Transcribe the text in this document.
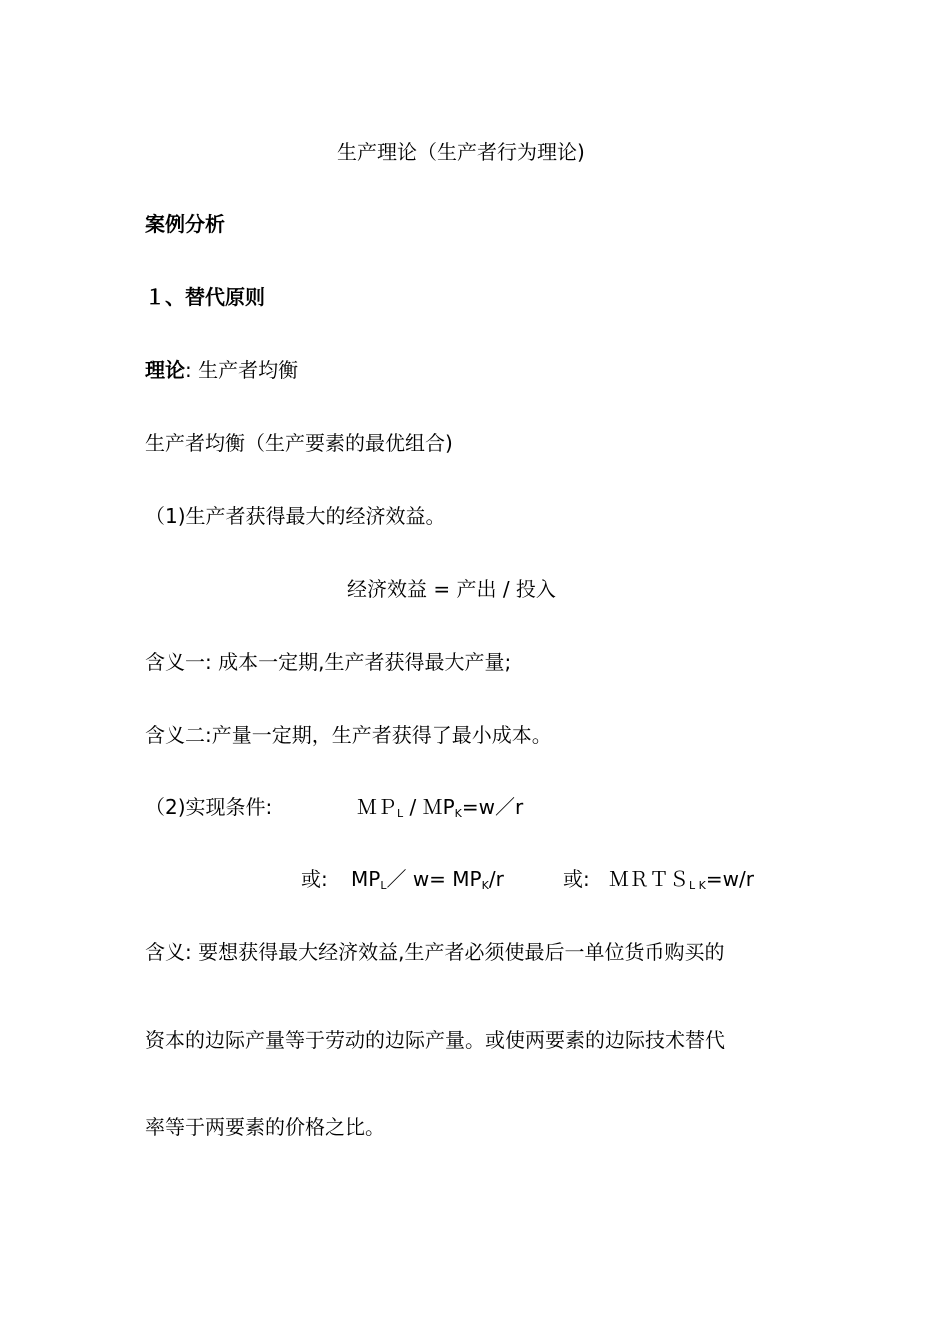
生产理论（生产者行为理论)
案例分析
１、替代原则
理论: 生产者均衡
生产者均衡（生产要素的最优组合)
（1)生产者获得最大的经济效益。
经济效益 = 产出 / 投入
含义一: 成本一定期,生产者获得最大产量;
含义二:产量一定期，生产者获得了最小成本。
（2)实现条件:	ＭＰ$_L$ / ＭP$_K$=w／r
或: $MP_L/$ $w= MP_K/r$	或: ＭＲＴＳ$_{L K}$=w/r
含义: 要想获得最大经济效益,生产者必须使最后一单位货币购买的
资本的边际产量等于劳动的边际产量。或使两要素的边际技术替代
率等于两要素的价格之比。
